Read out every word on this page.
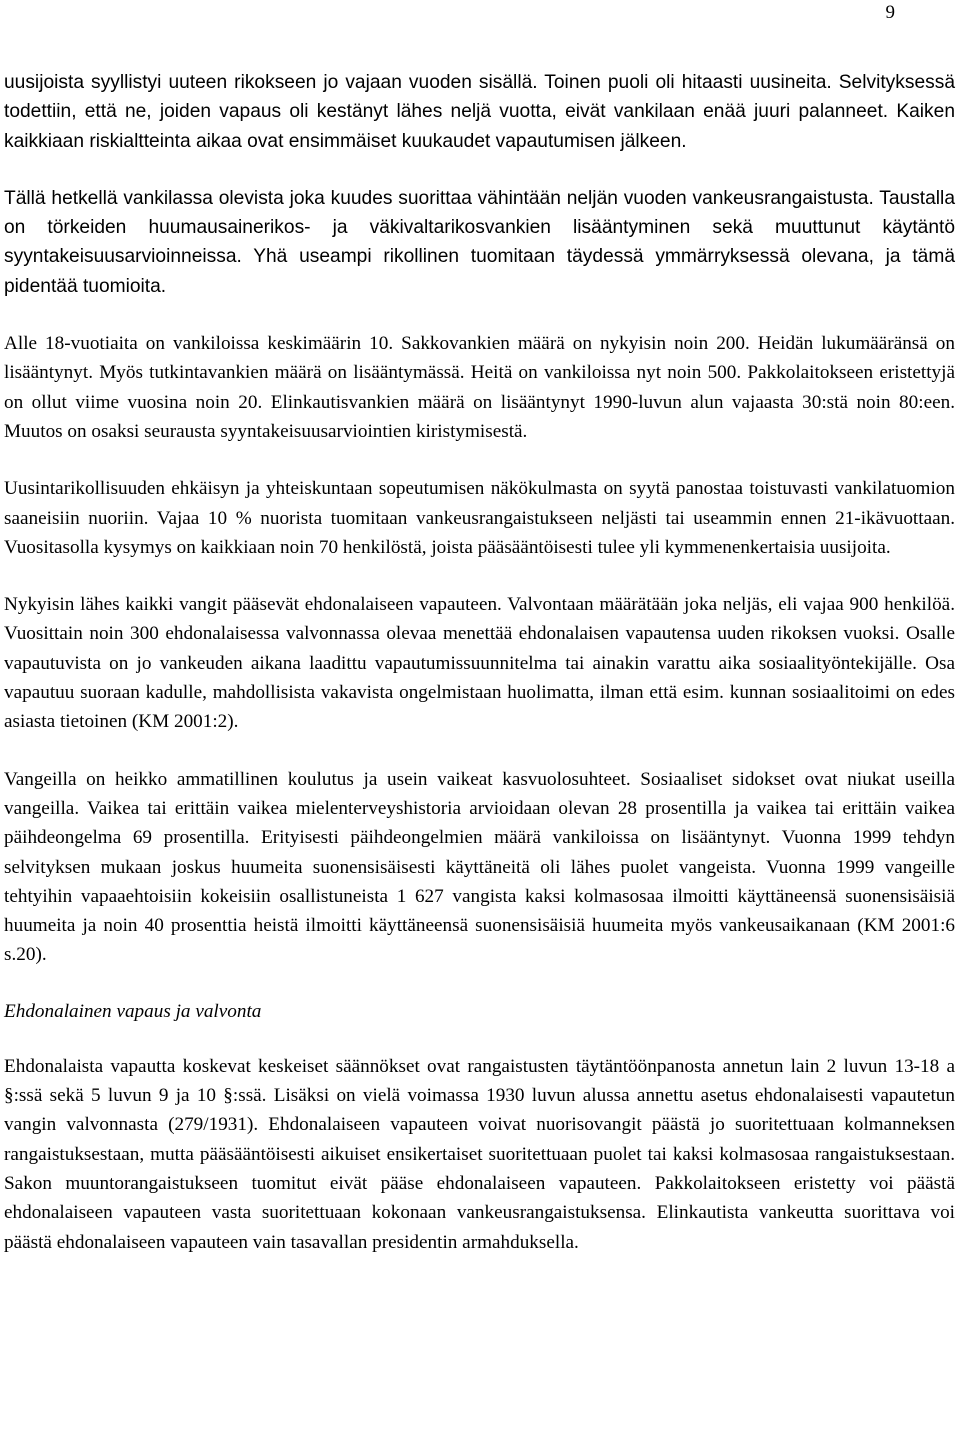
9

uusijoista syyllistyi uuteen rikokseen jo vajaan vuoden sisällä. Toinen puoli oli hitaasti uusineita. Selvityksessä todettiin, että ne, joiden vapaus oli kestänyt lähes neljä vuotta, eivät vankilaan enää juuri palanneet. Kaiken kaikkiaan riskialtteinta aikaa ovat ensimmäiset kuukaudet vapautumisen jälkeen.

Tällä hetkellä vankilassa olevista joka kuudes suorittaa vähintään neljän vuoden vankeusrangaistusta. Taustalla on törkeiden huumausainerikos- ja väkivaltarikosvankien lisääntyminen sekä muuttunut käytäntö syyntakeisuusarvioinneissa. Yhä useampi rikollinen tuomitaan täydessä ymmärryksessä olevana, ja tämä pidentää tuomioita.

Alle 18-vuotiaita on vankiloissa keskimäärin 10. Sakkovankien määrä on nykyisin noin 200. Heidän lukumääränsä on lisääntynyt. Myös tutkintavankien määrä on lisääntymässä. Heitä on vankiloissa nyt noin 500. Pakkolaitokseen eristettyjä on ollut viime vuosina noin 20. Elinkautisvankien määrä on lisääntynyt 1990-luvun alun vajaasta 30:stä noin 80:een. Muutos on osaksi seurausta syyntakeisuusarviointien kiristymisestä.

Uusintarikollisuuden ehkäisyn ja yhteiskuntaan sopeutumisen näkökulmasta on syytä panostaa toistuvasti vankilatuomion saaneisiin nuoriin. Vajaa 10 % nuorista tuomitaan vankeusrangaistukseen neljästi tai useammin ennen 21-ikävuottaan. Vuositasolla kysymys on kaikkiaan noin 70 henkilöstä, joista pääsääntöisesti tulee yli kymmenenkertaisia uusijoita.

Nykyisin lähes kaikki vangit pääsevät ehdonalaiseen vapauteen. Valvontaan määrätään joka neljäs, eli vajaa 900 henkilöä. Vuosittain noin 300 ehdonalaisessa valvonnassa olevaa menettää ehdonalaisen vapautensa uuden rikoksen vuoksi. Osalle vapautuvista on jo vankeuden aikana laadittu vapautumissuunnitelma tai ainakin varattu aika sosiaalityöntekijälle. Osa vapautuu suoraan kadulle, mahdollisista vakavista ongelmistaan huolimatta, ilman että esim. kunnan sosiaalitoimi on edes asiasta tietoinen (KM 2001:2).

Vangeilla on heikko ammatillinen koulutus ja usein vaikeat kasvuolosuhteet. Sosiaaliset sidokset ovat niukat useilla vangeilla. Vaikea tai erittäin vaikea mielenterveyshistoria arvioidaan olevan 28 prosentilla ja vaikea tai erittäin vaikea päihdeongelma 69 prosentilla. Erityisesti päihdeongelmien määrä vankiloissa on lisääntynyt. Vuonna 1999 tehdyn selvityksen mukaan joskus huumeita suonensisäisesti käyttäneitä oli lähes puolet vangeista. Vuonna 1999 vangeille tehtyihin vapaaehtoisiin kokeisiin osallistuneista 1 627 vangista kaksi kolmasosaa ilmoitti käyttäneensä suonensisäisiä huumeita ja noin 40 prosenttia heistä ilmoitti käyttäneensä suonensisäisiä huumeita myös vankeusaikanaan (KM 2001:6 s.20).

Ehdonalainen vapaus ja valvonta

Ehdonalaista vapautta koskevat keskeiset säännökset ovat rangaistusten täytäntöönpanosta annetun lain 2 luvun 13-18 a §:ssä sekä 5 luvun 9 ja 10 §:ssä. Lisäksi on vielä voimassa 1930 luvun alussa annettu asetus ehdonalaisesti vapautetun vangin valvonnasta (279/1931). Ehdonalaiseen vapauteen voivat nuorisovangit päästä jo suoritettuaan kolmanneksen rangaistuksestaan, mutta pääsääntöisesti aikuiset ensikertaiset suoritettuaan puolet tai kaksi kolmasosaa rangaistuksestaan. Sakon muuntorangaistukseen tuomitut eivät pääse ehdonalaiseen vapauteen. Pakkolaitokseen eristetty voi päästä ehdonalaiseen vapauteen vasta suoritettuaan kokonaan vankeusrangaistuksensa. Elinkautista vankeutta suorittava voi päästä ehdonalaiseen vapauteen vain tasavallan presidentin armahduksella.
